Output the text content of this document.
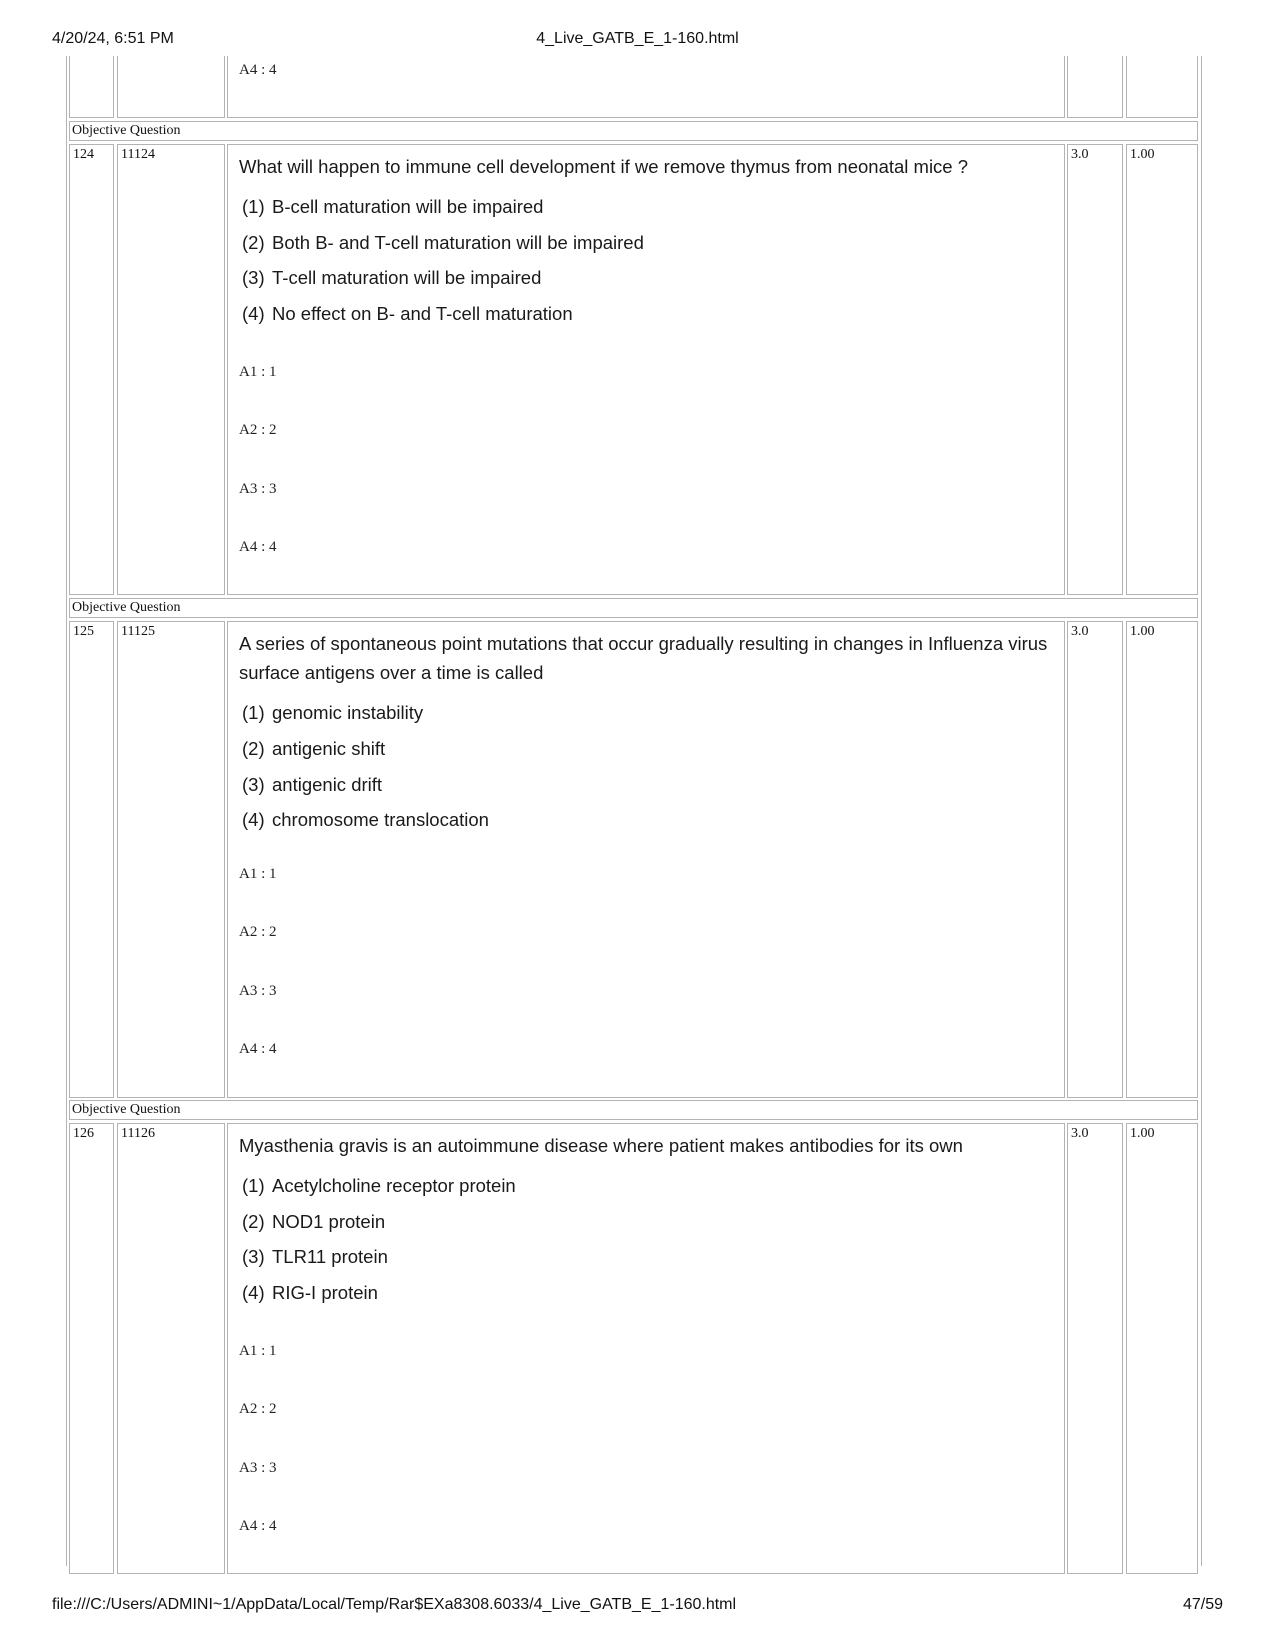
4/20/24, 6:51 PM	4_Live_GATB_E_1-160.html
A4 : 4
Objective Question
124	11124
What will happen to immune cell development if we remove thymus from neonatal mice ?
(1) B-cell maturation will be impaired
(2) Both B- and T-cell maturation will be impaired
(3) T-cell maturation will be impaired
(4) No effect on B- and T-cell maturation
A1 : 1
A2 : 2
A3 : 3
A4 : 4
3.0	1.00
Objective Question
125	11125
A series of spontaneous point mutations that occur gradually resulting in changes in Influenza virus surface antigens over a time is called
(1) genomic instability
(2) antigenic shift
(3) antigenic drift
(4) chromosome translocation
A1 : 1
A2 : 2
A3 : 3
A4 : 4
3.0	1.00
Objective Question
126	11126
Myasthenia gravis is an autoimmune disease where patient makes antibodies for its own
(1) Acetylcholine receptor protein
(2) NOD1 protein
(3) TLR11 protein
(4) RIG-I protein
A1 : 1
A2 : 2
A3 : 3
A4 : 4
3.0	1.00
file:///C:/Users/ADMINI~1/AppData/Local/Temp/Rar$EXa8308.6033/4_Live_GATB_E_1-160.html	47/59
